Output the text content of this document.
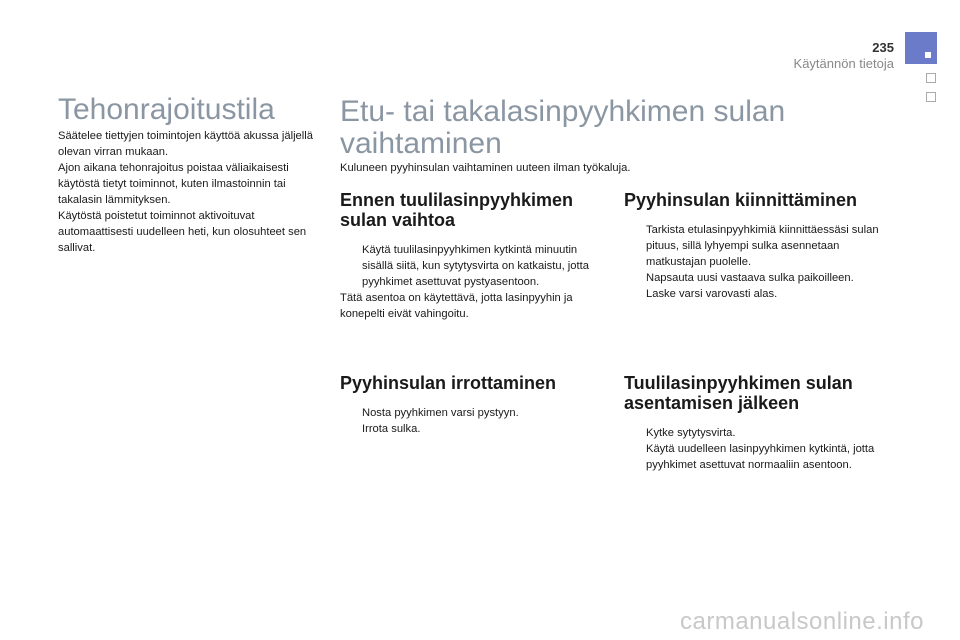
235
Käytännön tietoja
Tehonrajoitustila

Säätelee tiettyjen toimintojen käyttöä akussa jäljellä olevan virran mukaan.

Ajon aikana tehonrajoitus poistaa väliaikaisesti käytöstä tietyt toiminnot, kuten ilmastoinnin tai takalasin lämmityksen.

Käytöstä poistetut toiminnot aktivoituvat automaattisesti uudelleen heti, kun olosuhteet sen sallivat.

Etu- tai takalasinpyyhkimen sulan
vaihtaminen
Kuluneen pyyhinsulan vaihtaminen uuteen ilman työkaluja.
Ennen tuulilasinpyyhkimen
sulan vaihtoa
Käytä tuulilasinpyyhkimen kytkintä minuutin sisällä siitä, kun sytytysvirta on katkaistu, jotta pyyhkimet asettuvat pystyasentoon.
Tätä asentoa on käytettävä, jotta lasinpyyhin ja konepelti eivät vahingoitu.
Pyyhinsulan irrottaminen
Nosta pyyhkimen varsi pystyyn.
Irrota sulka.
Pyyhinsulan kiinnittäminen
Tarkista etulasinpyyhkimiä kiinnittäessäsi sulan pituus, sillä lyhyempi sulka asennetaan matkustajan puolelle.
Napsauta uusi vastaava sulka paikoilleen.
Laske varsi varovasti alas.
Tuulilasinpyyhkimen sulan
asentamisen jälkeen
Kytke sytytysvirta.
Käytä uudelleen lasinpyyhkimen kytkintä, jotta pyyhkimet asettuvat normaaliin asentoon.
carmanualsonline.info
